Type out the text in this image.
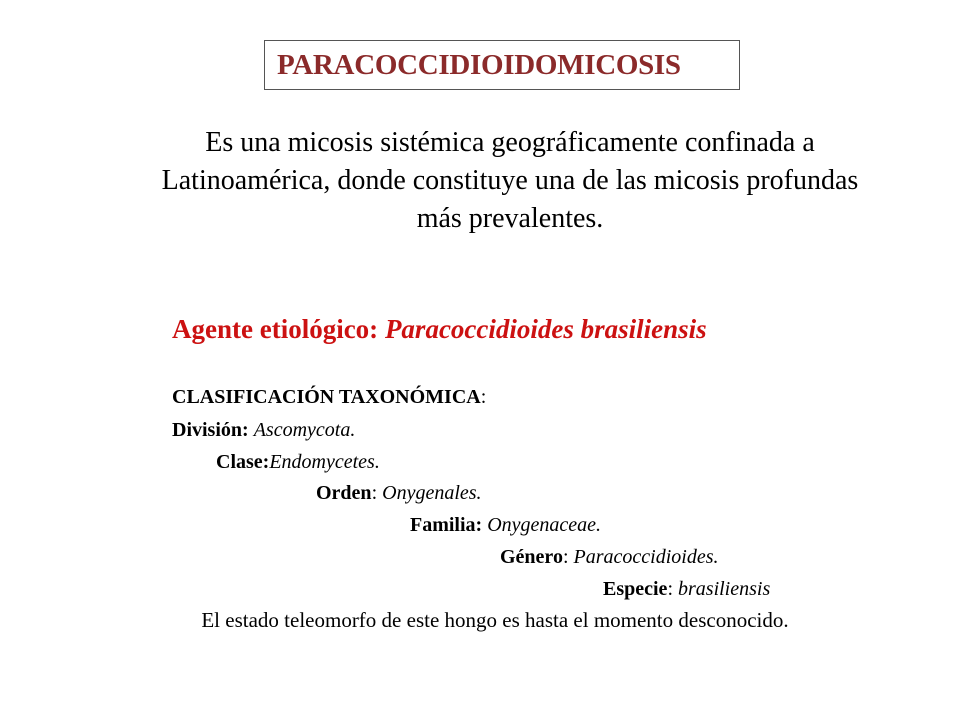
PARACOCCIDIOIDOMICOSIS
Es una micosis sistémica geográficamente confinada a Latinoamérica, donde constituye una de las micosis profundas más prevalentes.
Agente etiológico: Paracoccidioides brasiliensis
CLASIFICACIÓN TAXONÓMICA:
División: Ascomycota.
Clase:Endomycetes.
Orden: Onygenales.
Familia: Onygenaceae.
Género: Paracoccidioides.
Especie: brasiliensis
El estado teleomorfo de este hongo es hasta el momento desconocido.
